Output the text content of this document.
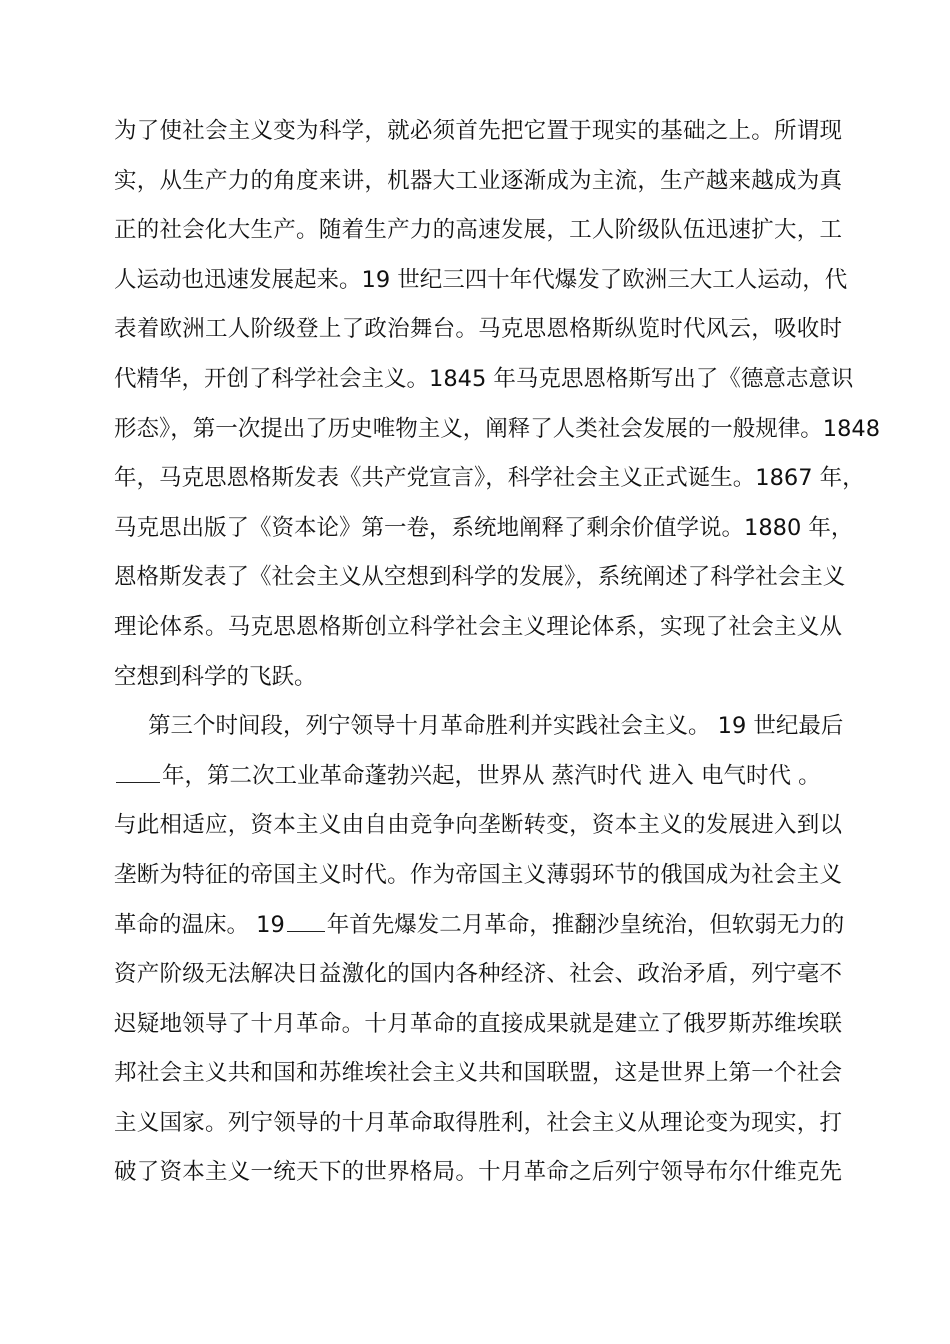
为了使社会主义变为科学，就必须首先把它置于现实的基础之上。所谓现
实，从生产力的角度来讲，机器大工业逐渐成为主流，生产越来越成为真
正的社会化大生产。随着生产力的高速发展，工人阶级队伍迅速扩大，工
人运动也迅速发展起来。19 世纪三四十年代爆发了欧洲三大工人运动，代
表着欧洲工人阶级登上了政治舞台。马克思恩格斯纵览时代风云，吸收时
代精华，开创了科学社会主义。1845 年马克思恩格斯写出了《德意志意识
形态》，第一次提出了历史唯物主义，阐释了人类社会发展的一般规律。1848
年，马克思恩格斯发表《共产党宣言》，科学社会主义正式诞生。1867 年，
马克思出版了《资本论》第一卷，系统地阐释了剩余价值学说。1880 年，
恩格斯发表了《社会主义从空想到科学的发展》，系统阐述了科学社会主义
理论体系。马克思恩格斯创立科学社会主义理论体系，实现了社会主义从
空想到科学的飞跃。
第三个时间段，列宁领导十月革命胜利并实践社会主义。 19 世纪最后
年，第二次工业革命蓬勃兴起，世界从 蒸汽时代 进入 电气时代 。
与此相适应，资本主义由自由竞争向垄断转变，资本主义的发展进入到以
垄断为特征的帝国主义时代。作为帝国主义薄弱环节的俄国成为社会主义
革命的温床。 19 年首先爆发二月革命，推翻沙皇统治，但软弱无力的
资产阶级无法解决日益激化的国内各种经济、社会、政治矛盾，列宁毫不
迟疑地领导了十月革命。十月革命的直接成果就是建立了俄罗斯苏维埃联
邦社会主义共和国和苏维埃社会主义共和国联盟，这是世界上第一个社会
主义国家。列宁领导的十月革命取得胜利，社会主义从理论变为现实，打
破了资本主义一统天下的世界格局。十月革命之后列宁领导布尔什维克先
